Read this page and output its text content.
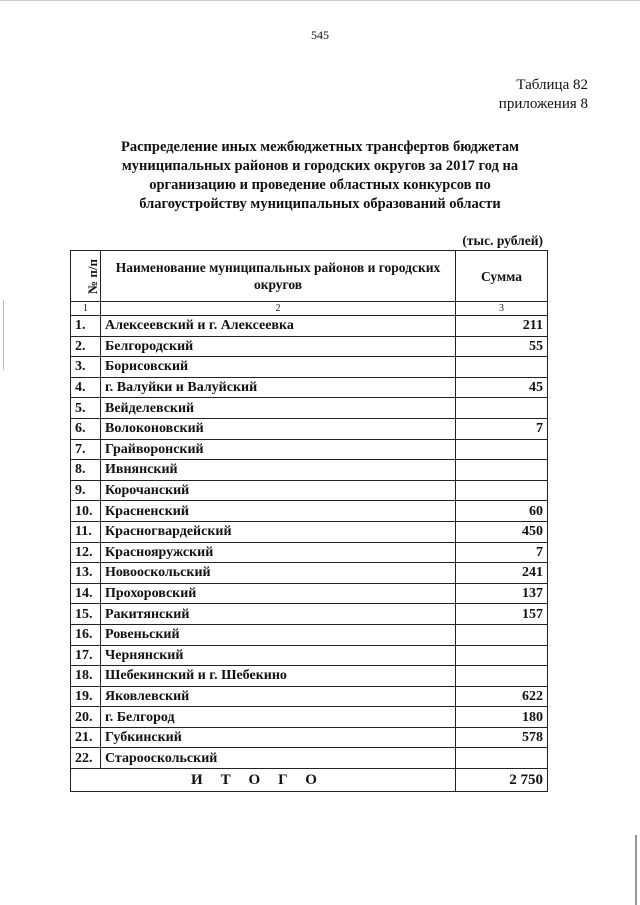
545
Таблица 82
приложения 8
Распределение иных межбюджетных трансфертов бюджетам
муниципальных районов и городских округов за 2017 год на
организацию и проведение областных конкурсов по
благоустройству муниципальных образований области
(тыс. рублей)
№ п/п	Наименование муниципальных районов и городских округов	Сумма
1	2	3
1.	Алексеевский и г. Алексеевка	211
2.	Белгородский	55
3.	Борисовский	
4.	г. Валуйки и Валуйский	45
5.	Вейделевский	
6.	Волоконовский	7
7.	Грайворонский	
8.	Ивнянский	
9.	Корочанский	
10.	Красненский	60
11.	Красногвардейский	450
12.	Краснояружский	7
13.	Новооскольский	241
14.	Прохоровский	137
15.	Ракитянский	157
16.	Ровеньский	
17.	Чернянский	
18.	Шебекинский и г. Шебекино	
19.	Яковлевский	622
20.	г. Белгород	180
21.	Губкинский	578
22.	Старооскольский	
ИТОГО		2 750
